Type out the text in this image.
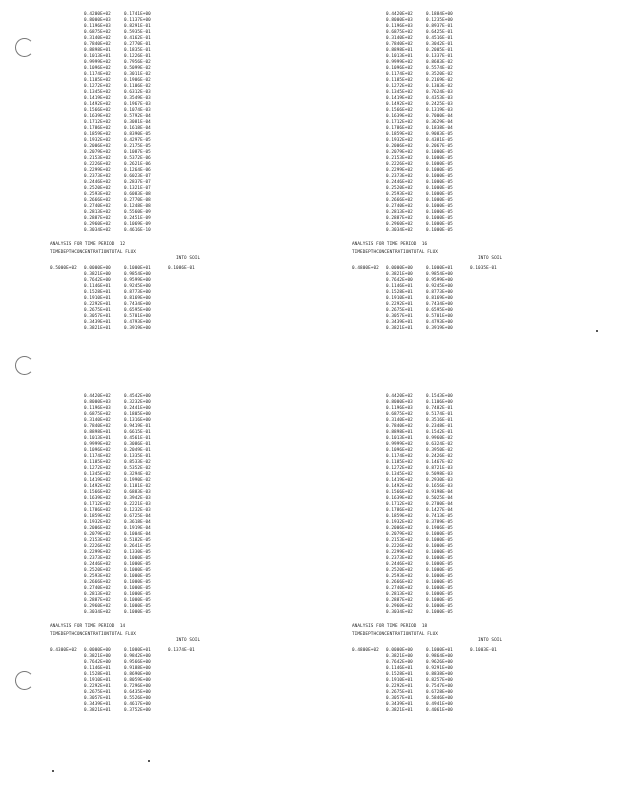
0.4200E+02	0.1741E+00
0.8000E+03	0.1137E+00
0.1196E+03	0.8291E-01
0.6875E+02	0.5935E-01
0.3140E+02	0.4162E-01
0.7840E+02	0.2770E-01
0.8898E+01	0.1835E-01
0.1013E+01	0.1226E-01
0.9999E+02	0.7956E-02
0.1096E+02	0.5099E-02
0.1174E+02	0.3011E-02
0.1185E+02	0.1906E-02
0.1272E+02	0.1106E-02
0.1345E+02	0.6312E-03
0.1419E+02	0.3549E-03
0.1492E+02	0.1967E-03
0.1566E+02	0.1074E-03
0.1639E+02	0.5792E-04
0.1712E+02	0.3081E-04
0.1786E+02	0.1618E-04
0.1859E+02	0.8390E-05
0.1932E+02	0.4297E-05
0.2006E+02	0.2175E-05
0.2079E+02	0.1087E-05
0.2153E+02	0.5372E-06
0.2226E+02	0.2621E-06
0.2299E+02	0.1264E-06
0.2373E+02	0.6023E-07
0.2446E+02	0.2837E-07
0.2520E+02	0.1321E-07
0.2593E+02	0.6083E-08
0.2666E+02	0.2770E-08
0.2740E+02	0.1248E-08
0.2813E+02	0.5560E-09
0.2887E+02	0.2451E-09
0.2960E+02	0.1069E-09
0.3034E+02	0.4616E-10
ANALYSIS FOR TIME PERIOD  12
TIMEDEPTHCONCENTRATIONTOTAL FLUX
INTO SOIL
0.5000E+02 0.0000E+00	0.1000E+01	0.1086E-01
0.3821E+00	0.9854E+00
0.7642E+00	0.9599E+00
0.1146E+01	0.9245E+00
0.1528E+01	0.8773E+00
0.1910E+01	0.8169E+00
0.2292E+01	0.7434E+00
0.2675E+01	0.6595E+00
0.3057E+01	0.5701E+00
0.3439E+01	0.4793E+00
0.3821E+01	0.3919E+00
0.4420E+02	0.1884E+00
0.8000E+03	0.1235E+00
0.1196E+03	0.8937E-01
0.6875E+02	0.6425E-01
0.3140E+02	0.4516E-01
0.7840E+02	0.3042E-01
0.8898E+01	0.2005E-01
0.1013E+01	0.1337E-01
0.9999E+02	0.8683E-02
0.1096E+02	0.5574E-02
0.1174E+02	0.3520E-02
0.1185E+02	0.2169E-02
0.1272E+02	0.1303E-02
0.1345E+02	0.7624E-03
0.1419E+02	0.4353E-03
0.1492E+02	0.2425E-03
0.1566E+02	0.1319E-03
0.1639E+02	0.7000E-04
0.1712E+02	0.3629E-04
0.1786E+02	0.1838E-04
0.1859E+02	0.9083E-05
0.1932E+02	0.4381E-05
0.2006E+02	0.2067E-05
0.2079E+02	0.1000E-05
0.2153E+02	0.1000E-05
0.2226E+02	0.1000E-05
0.2299E+02	0.1000E-05
0.2373E+02	0.1000E-05
0.2446E+02	0.1000E-05
0.2520E+02	0.1000E-05
0.2593E+02	0.1000E-05
0.2666E+02	0.1000E-05
0.2740E+02	0.1000E-05
0.2813E+02	0.1000E-05
0.2887E+02	0.1000E-05
0.2960E+02	0.1000E-05
0.3034E+02	0.1000E-05
ANALYSIS FOR TIME PERIOD  16
TIMEDEPTHCONCENTRATIONTOTAL FLUX
INTO SOIL
0.4800E+02 0.0000E+00	0.1000E+01	0.1035E-01
0.3821E+00	0.9854E+00
0.7642E+00	0.9599E+00
0.1146E+01	0.9245E+00
0.1528E+01	0.8773E+00
0.1910E+01	0.8169E+00
0.2292E+01	0.7434E+00
0.2675E+01	0.6595E+00
0.3057E+01	0.5701E+00
0.3439E+01	0.4793E+00
0.3821E+01	0.3919E+00
0.4420E+02	0.4542E+00
0.8000E+03	0.3232E+00
0.1196E+03	0.2441E+00
0.6875E+02	0.1805E+00
0.3140E+02	0.1316E+00
0.7840E+02	0.9419E-01
0.8898E+01	0.6615E-01
0.1013E+01	0.4561E-01
0.9999E+02	0.3086E-01
0.1096E+02	0.2049E-01
0.1174E+02	0.1335E-01
0.1185E+02	0.8533E-02
0.1272E+02	0.5352E-02
0.1345E+02	0.3294E-02
0.1419E+02	0.1990E-02
0.1492E+02	0.1181E-02
0.1566E+02	0.6883E-03
0.1639E+02	0.3942E-03
0.1712E+02	0.2221E-03
0.1786E+02	0.1232E-03
0.1859E+02	0.6725E-04
0.1932E+02	0.3618E-04
0.2006E+02	0.1919E-04
0.2079E+02	0.1004E-04
0.2153E+02	0.5182E-05
0.2226E+02	0.2641E-05
0.2299E+02	0.1330E-05
0.2373E+02	0.1000E-05
0.2446E+02	0.1000E-05
0.2520E+02	0.1000E-05
0.2593E+02	0.1000E-05
0.2666E+02	0.1000E-05
0.2740E+02	0.1000E-05
0.2813E+02	0.1000E-05
0.2887E+02	0.1000E-05
0.2960E+02	0.1000E-05
0.3034E+02	0.1000E-05
ANALYSIS FOR TIME PERIOD  14
TIMEDEPTHCONCENTRATIONTOTAL FLUX
INTO SOIL
0.4300E+02 0.0000E+00	0.1000E+01	0.1374E-01
0.3821E+00	0.9842E+00
0.7642E+00	0.9566E+00
0.1146E+01	0.9188E+00
0.1528E+01	0.8690E+00
0.1910E+01	0.8059E+00
0.2292E+01	0.7296E+00
0.2675E+01	0.6435E+00
0.3057E+01	0.5526E+00
0.3439E+01	0.4617E+00
0.3821E+01	0.3752E+00
0.4420E+02	0.1543E+00
0.8000E+03	0.1106E+00
0.1196E+03	0.7482E-01
0.6875E+02	0.5174E-01
0.3140E+02	0.3516E-01
0.7840E+02	0.2348E-01
0.8898E+01	0.1542E-01
0.1013E+01	0.9960E-02
0.9999E+02	0.6324E-02
0.1096E+02	0.3950E-02
0.1174E+02	0.2426E-02
0.1185E+02	0.1467E-02
0.1272E+02	0.8721E-03
0.1345E+02	0.5098E-03
0.1419E+02	0.2930E-03
0.1492E+02	0.1656E-03
0.1566E+02	0.9198E-04
0.1639E+02	0.5025E-04
0.1712E+02	0.2700E-04
0.1786E+02	0.1427E-04
0.1859E+02	0.7413E-05
0.1932E+02	0.3789E-05
0.2006E+02	0.1906E-05
0.2079E+02	0.1000E-05
0.2153E+02	0.1000E-05
0.2226E+02	0.1000E-05
0.2299E+02	0.1000E-05
0.2373E+02	0.1000E-05
0.2446E+02	0.1000E-05
0.2520E+02	0.1000E-05
0.2593E+02	0.1000E-05
0.2666E+02	0.1000E-05
0.2740E+02	0.1000E-05
0.2813E+02	0.1000E-05
0.2887E+02	0.1000E-05
0.2960E+02	0.1000E-05
0.3034E+02	0.1000E-05
ANALYSIS FOR TIME PERIOD  18
TIMEDEPTHCONCENTRATIONTOTAL FLUX
INTO SOIL
0.4800E+02 0.0000E+00	0.1000E+01	0.1003E-01
0.3821E+00	0.9864E+00
0.7642E+00	0.9626E+00
0.1146E+01	0.9291E+00
0.1528E+01	0.8838E+00
0.1910E+01	0.8257E+00
0.2292E+01	0.7547E+00
0.2675E+01	0.6728E+00
0.3057E+01	0.5846E+00
0.3439E+01	0.4941E+00
0.3821E+01	0.4061E+00
